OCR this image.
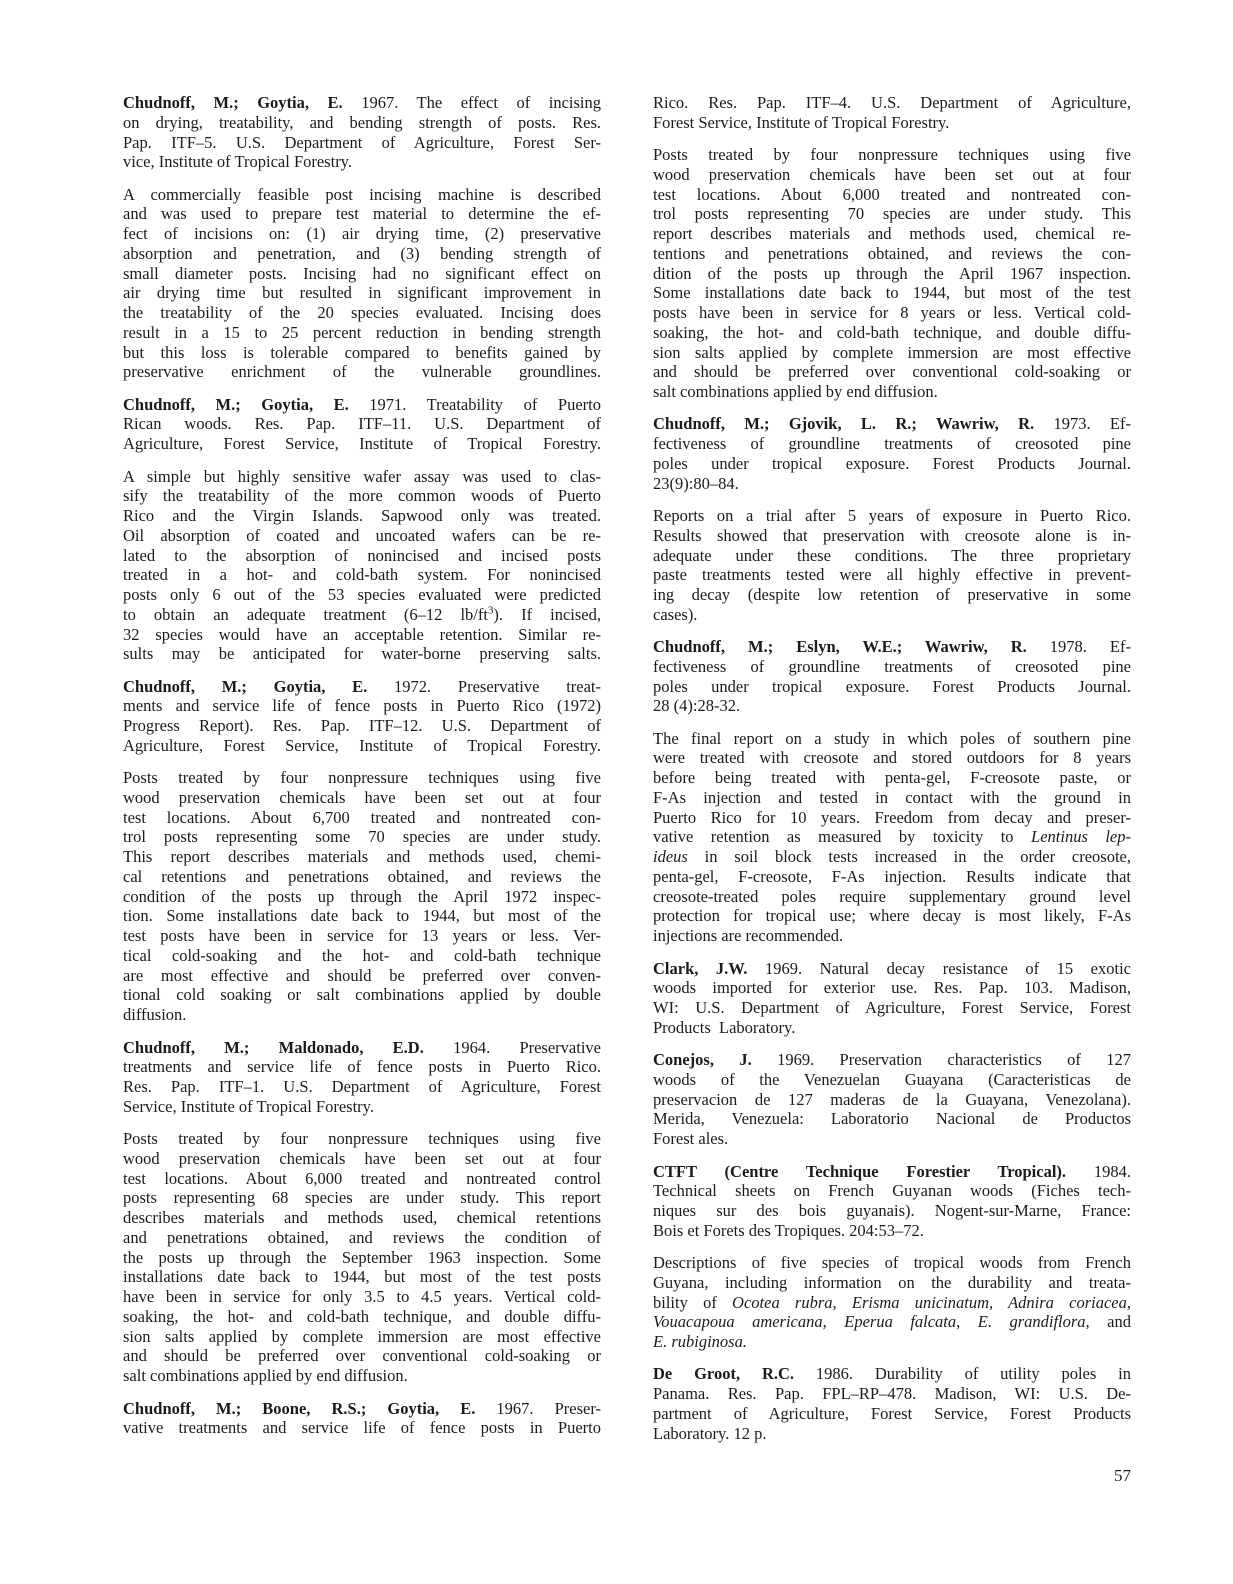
Chudnoff, M.; Goytia, E. 1967. The effect of incising
on drying, treatability, and bending strength of posts. Res.
Pap. ITF–5. U.S. Department of Agriculture, Forest Ser-
vice, Institute of Tropical Forestry.
A commercially feasible post incising machine is described
and was used to prepare test material to determine the ef-
fect of incisions on: (1) air drying time, (2) preservative
absorption and penetration, and (3) bending strength of
small diameter posts. Incising had no significant effect on
air drying time but resulted in significant improvement in
the treatability of the 20 species evaluated. Incising does
result in a 15 to 25 percent reduction in bending strength
but this loss is tolerable compared to benefits gained by
preservative enrichment of the vulnerable groundlines.
Chudnoff, M.; Goytia, E. 1971. Treatability of Puerto
Rican woods. Res. Pap. ITF–11. U.S. Department of
Agriculture, Forest Service, Institute of Tropical Forestry.
A simple but highly sensitive wafer assay was used to clas-
sify the treatability of the more common woods of Puerto
Rico and the Virgin Islands. Sapwood only was treated.
Oil absorption of coated and uncoated wafers can be re-
lated to the absorption of nonincised and incised posts
treated in a hot- and cold-bath system. For nonincised
posts only 6 out of the 53 species evaluated were predicted
to obtain an adequate treatment (6–12 $lb/ft^3$). If incised,
32 species would have an acceptable retention. Similar re-
sults may be anticipated for water-borne preserving salts.
Chudnoff, M.; Goytia, E. 1972. Preservative treat-
ments and service life of fence posts in Puerto Rico (1972)
Progress Report). Res. Pap. ITF–12. U.S. Department of
Agriculture, Forest Service, Institute of Tropical Forestry.
Posts treated by four nonpressure techniques using five
wood preservation chemicals have been set out at four
test locations. About 6,700 treated and nontreated con-
trol posts representing some 70 species are under study.
This report describes materials and methods used, chemi-
cal retentions and penetrations obtained, and reviews the
condition of the posts up through the April 1972 inspec-
tion. Some installations date back to 1944, but most of the
test posts have been in service for 13 years or less. Ver-
tical cold-soaking and the hot- and cold-bath technique
are most effective and should be preferred over conven-
tional cold soaking or salt combinations applied by double
diffusion.
Chudnoff, M.; Maldonado, E.D. 1964. Preservative
treatments and service life of fence posts in Puerto Rico.
Res. Pap. ITF–1. U.S. Department of Agriculture, Forest
Service, Institute of Tropical Forestry.
Posts treated by four nonpressure techniques using five
wood preservation chemicals have been set out at four
test locations. About 6,000 treated and nontreated control
posts representing 68 species are under study. This report
describes materials and methods used, chemical retentions
and penetrations obtained, and reviews the condition of
the posts up through the September 1963 inspection. Some
installations date back to 1944, but most of the test posts
have been in service for only 3.5 to 4.5 years. Vertical cold-
soaking, the hot- and cold-bath technique, and double diffu-
sion salts applied by complete immersion are most effective
and should be preferred over conventional cold-soaking or
salt combinations applied by end diffusion.
Chudnoff, M.; Boone, R.S.; Goytia, E. 1967. Preser-
vative treatments and service life of fence posts in Puerto
Rico. Res. Pap. ITF–4. U.S. Department of Agriculture,
Forest Service, Institute of Tropical Forestry.
Posts treated by four nonpressure techniques using five
wood preservation chemicals have been set out at four
test locations. About 6,000 treated and nontreated con-
trol posts representing 70 species are under study. This
report describes materials and methods used, chemical re-
tentions and penetrations obtained, and reviews the con-
dition of the posts up through the April 1967 inspection.
Some installations date back to 1944, but most of the test
posts have been in service for 8 years or less. Vertical cold-
soaking, the hot- and cold-bath technique, and double diffu-
sion salts applied by complete immersion are most effective
and should be preferred over conventional cold-soaking or
salt combinations applied by end diffusion.
Chudnoff, M.; Gjovik, L. R.; Wawriw, R. 1973. Ef-
fectiveness of groundline treatments of creosoted pine
poles under tropical exposure. Forest Products Journal.
23(9):80–84.
Reports on a trial after 5 years of exposure in Puerto Rico.
Results showed that preservation with creosote alone is in-
adequate under these conditions. The three proprietary
paste treatments tested were all highly effective in prevent-
ing decay (despite low retention of preservative in some
cases).
Chudnoff, M.; Eslyn, W.E.; Wawriw, R. 1978. Ef-
fectiveness of groundline treatments of creosoted pine
poles under tropical exposure. Forest Products Journal.
28 (4):28-32.
The final report on a study in which poles of southern pine
were treated with creosote and stored outdoors for 8 years
before being treated with penta-gel, F-creosote paste, or
F-As injection and tested in contact with the ground in
Puerto Rico for 10 years. Freedom from decay and preser-
vative retention as measured by toxicity to Lentinus lep-
ideus in soil block tests increased in the order creosote,
penta-gel, F-creosote, F-As injection. Results indicate that
creosote-treated poles require supplementary ground level
protection for tropical use; where decay is most likely, F-As
injections are recommended.
Clark, J.W. 1969. Natural decay resistance of 15 exotic
woods imported for exterior use. Res. Pap. 103. Madison,
WI: U.S. Department of Agriculture, Forest Service, Forest
Products  Laboratory.
Conejos, J. 1969. Preservation characteristics of 127
woods of the Venezuelan Guayana (Caracteristicas de
preservacion de 127 maderas de la Guayana, Venezolana).
Merida, Venezuela: Laboratorio Nacional de Productos
Forest ales.
CTFT (Centre Technique Forestier Tropical). 1984.
Technical sheets on French Guyanan woods (Fiches tech-
niques sur des bois guyanais). Nogent-sur-Marne, France:
Bois et Forets des Tropiques. 204:53–72.
Descriptions of five species of tropical woods from French
Guyana, including information on the durability and treata-
bility of Ocotea rubra, Erisma unicinatum, Adnira coriacea,
Vouacapoua americana, Eperua falcata, E. grandiflora, and
E. rubiginosa.
De Groot, R.C. 1986. Durability of utility poles in
Panama. Res. Pap. FPL–RP–478. Madison, WI: U.S. De-
partment of Agriculture, Forest Service, Forest Products
Laboratory. 12 p.
57
